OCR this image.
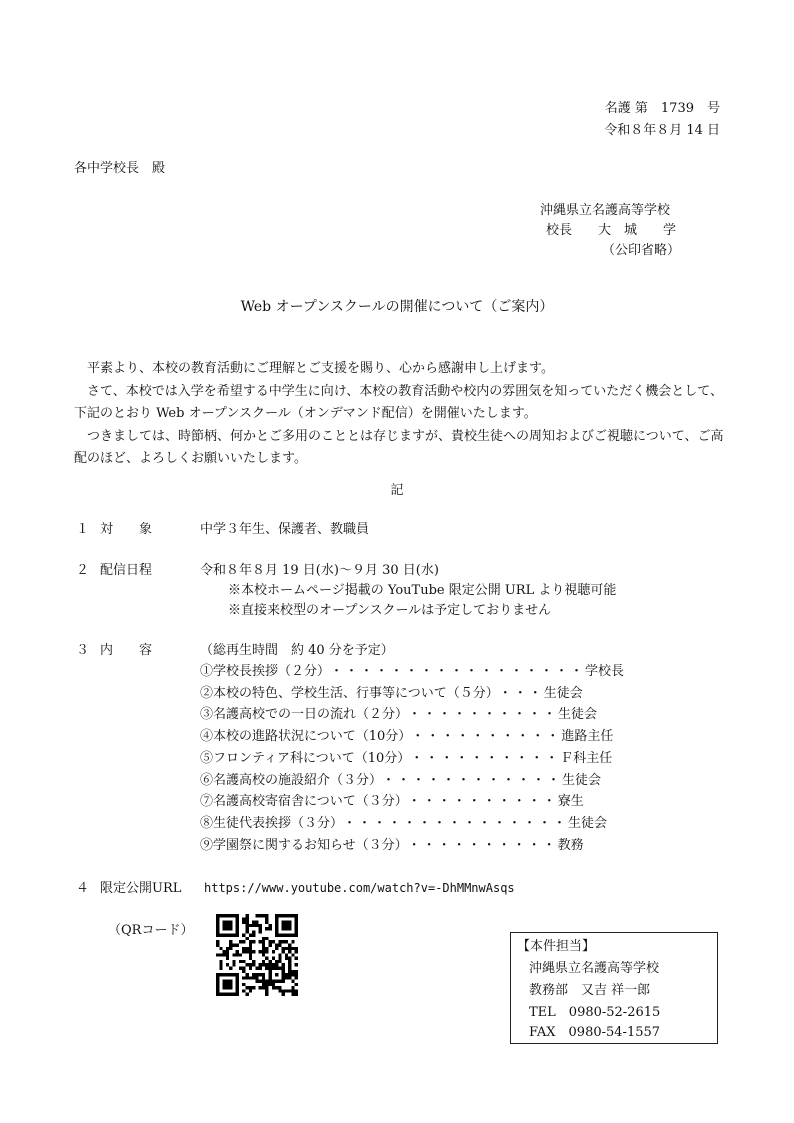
名護 第　1739　号
令和８年８月 14 日
各中学校長　殿
沖縄県立名護高等学校
校長　　大　城　　学
（公印省略）
Web オープンスクールの開催について（ご案内）

平素より、本校の教育活動にご理解とご支援を賜り、心から感謝申し上げます。

さて、本校では入学を希望する中学生に向け、本校の教育活動や校内の雰囲気を知っていただく機会として、下記のとおり Web オープンスクール（オンデマンド配信）を開催いたします。

つきましては、時節柄、何かとご多用のこととは存じますが、貴校生徒への周知およびご視聴について、ご高配のほど、よろしくお願いいたします。

記
１ 対　　象	中学３年生、保護者、教職員
２ 配信日程	令和８年８月 19 日(水)～９月 30 日(水)
※本校ホームページ掲載の YouTube 限定公開 URL より視聴可能
※直接来校型のオープンスクールは予定しておりません
３ 内　　容	（総再生時間　約 40 分を予定）
①学校長挨拶（２分）・・・・・・・・・・・・・・・・・学校長
②本校の特色、学校生活、行事等について（５分）・・・生徒会
③名護高校での一日の流れ（２分）・・・・・・・・・・生徒会
④本校の進路状況について（10分）・・・・・・・・・・進路主任
⑤フロンティア科について（10分）・・・・・・・・・・Ｆ科主任
⑥名護高校の施設紹介（３分）・・・・・・・・・・・・生徒会
⑦名護高校寄宿舎について（３分）・・・・・・・・・・寮生
⑧生徒代表挨拶（３分）・・・・・・・・・・・・・・・生徒会
⑨学園祭に関するお知らせ（３分）・・・・・・・・・・教務
４ 限定公開URL https://www.youtube.com/watch?v=-DhMMnwAsqs
（QRコード）
【本件担当】
沖縄県立名護高等学校
教務部　又吉 祥一郎
TEL　0980-52-2615
FAX　0980-54-1557
